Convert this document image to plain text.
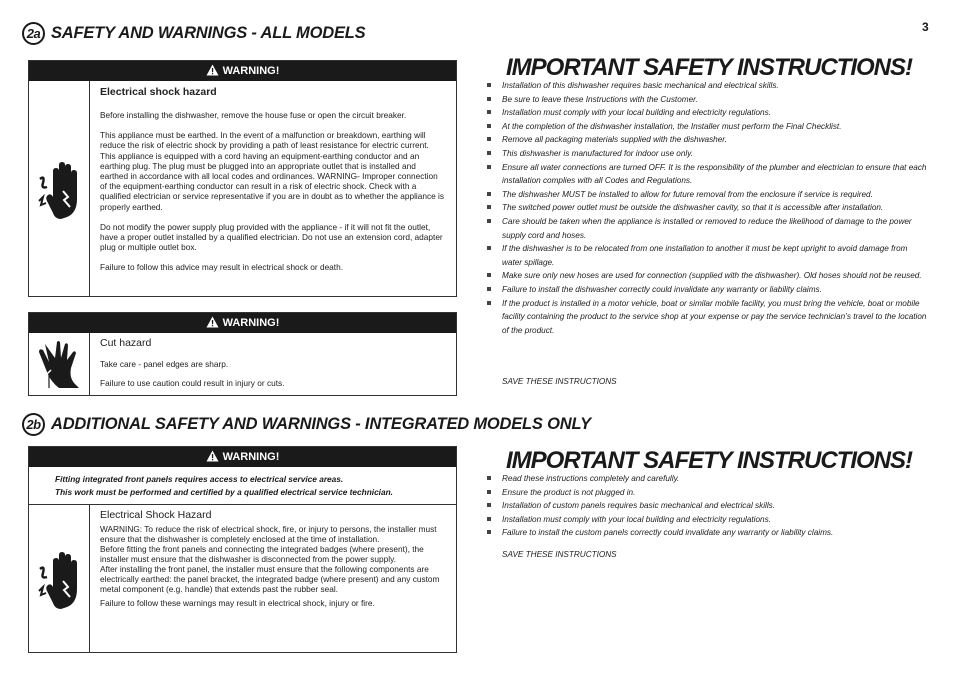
3
2a SAFETY AND WARNINGS - ALL MODELS
WARNING!
Electrical shock hazard

Before installing the dishwasher, remove the house fuse or open the circuit breaker.

This appliance must be earthed. In the event of a malfunction or breakdown, earthing will reduce the risk of electric shock by providing a path of least resistance for electric current. This appliance is equipped with a cord having an equipment-earthing conductor and an earthing plug. The plug must be plugged into an appropriate outlet that is installed and earthed in accordance with all local codes and ordinances. WARNING- Improper connection of the equipment-earthing conductor can result in a risk of electric shock. Check with a qualified electrician or service representative if you are in doubt as to whether the appliance is properly earthed.

Do not modify the power supply plug provided with the appliance - if it will not fit the outlet, have a proper outlet installed by a qualified electrician. Do not use an extension cord, adapter plug or multiple outlet box.

Failure to follow this advice may result in electrical shock or death.

WARNING!
Cut hazard

Take care - panel edges are sharp.

Failure to use caution could result in injury or cuts.

IMPORTANT SAFETY INSTRUCTIONS!
Installation of this dishwasher requires basic mechanical and electrical skills.
Be sure to leave these Instructions with the Customer.
Installation must comply with your local building and electricity regulations.
At the completion of the dishwasher installation, the Installer must perform the Final Checklist.
Remove all packaging materials supplied with the dishwasher.
This dishwasher is manufactured for indoor use only.
Ensure all water connections are turned OFF. It is the responsibility of the plumber and electrician to ensure that each installation complies with all Codes and Regulations.
The dishwasher MUST be installed to allow for future removal from the enclosure if service is required.
The switched power outlet must be outside the dishwasher cavity, so that it is accessible after installation.
Care should be taken when the appliance is installed or removed to reduce the likelihood of damage to the power supply cord and hoses.
If the dishwasher is to be relocated from one installation to another it must be kept upright to avoid damage from water spillage.
Make sure only new hoses are used for connection (supplied with the dishwasher). Old hoses should not be reused.
Failure to install the dishwasher correctly could invalidate any warranty or liability claims.
If the product is installed in a motor vehicle, boat or similar mobile facility, you must bring the vehicle, boat or mobile facility containing the product to the service shop at your expense or pay the service technician’s travel to the location of the product.
SAVE THESE INSTRUCTIONS
2b ADDITIONAL SAFETY AND WARNINGS - INTEGRATED MODELS ONLY
WARNING!
Fitting integrated front panels requires access to electrical service areas.
This work must be performed and certified by a qualified electrical service technician.
Electrical Shock Hazard

WARNING: To reduce the risk of electrical shock, fire, or injury to persons, the installer must ensure that the dishwasher is completely enclosed at the time of installation.

Before fitting the front panels and connecting the integrated badges (where present), the installer must ensure that the dishwasher is disconnected from the power supply.

After installing the front panel, the installer must ensure that the following components are electrically earthed: the panel bracket, the integrated badge (where present) and any custom metal component (e.g. handle) that extends past the rubber seal.

Failure to follow these warnings may result in electrical shock, injury or fire.

IMPORTANT SAFETY INSTRUCTIONS!
Read these instructions completely and carefully.
Ensure the product is not plugged in.
Installation of custom panels requires basic mechanical and electrical skills.
Installation must comply with your local building and electricity regulations.
Failure to install the custom panels correctly could invalidate any warranty or liability claims.
SAVE THESE INSTRUCTIONS
